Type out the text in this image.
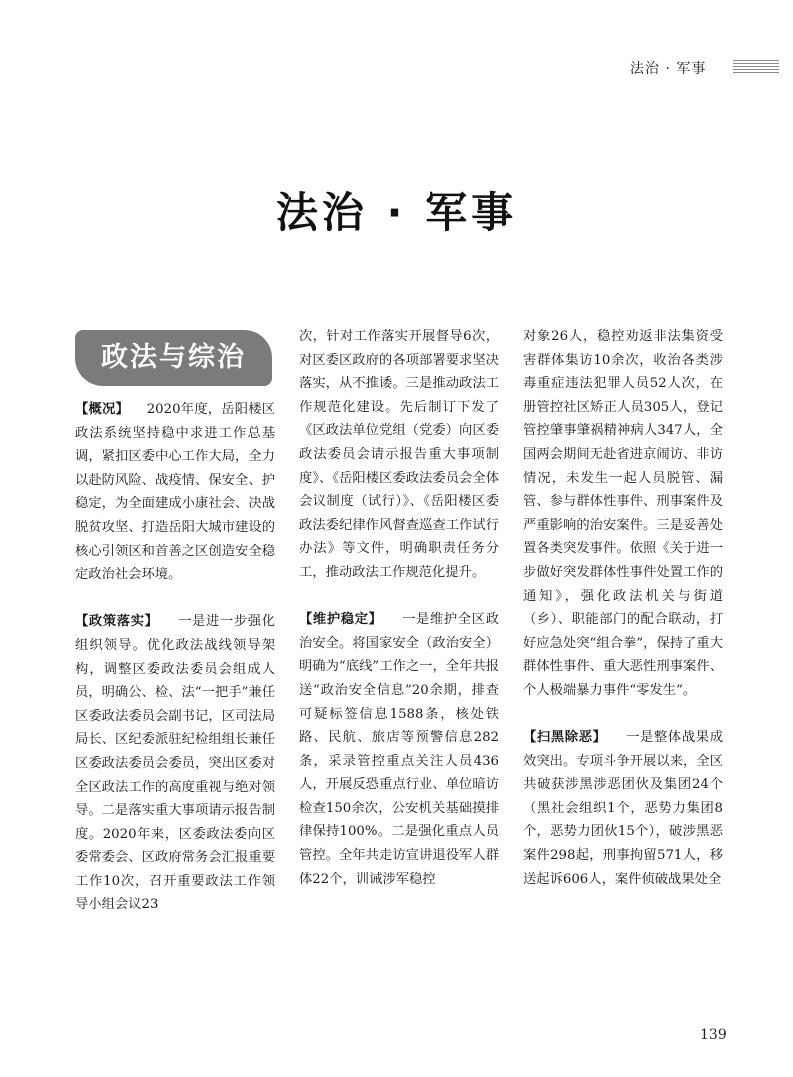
法治 · 军事
法治 · 军事
政法与综治

【概况】 2020年度，岳阳楼区政法系统坚持稳中求进工作总基调，紧扣区委中心工作大局，全力以赴防风险、战疫情、保安全、护稳定，为全面建成小康社会、决战脱贫攻坚、打造岳阳大城市建设的核心引领区和首善之区创造安全稳定政治社会环境。

【政策落实】 一是进一步强化组织领导。优化政法战线领导架构，调整区委政法委员会组成人员，明确公、检、法“一把手”兼任区委政法委员会副书记，区司法局局长、区纪委派驻纪检组组长兼任区委政法委员会委员，突出区委对全区政法工作的高度重视与绝对领导。二是落实重大事项请示报告制度。2020年来，区委政法委向区委常委会、区政府常务会汇报重要工作10次，召开重要政法工作领导小组会议23

次，针对工作落实开展督导6次，对区委区政府的各项部署要求坚决落实，从不推诿。三是推动政法工作规范化建设。先后制订下发了《区政法单位党组（党委）向区委政法委员会请示报告重大事项制度》、《岳阳楼区委政法委员会全体会议制度（试行）》、《岳阳楼区委政法委纪律作风督查巡查工作试行办法》等文件，明确职责任务分工，推动政法工作规范化提升。

【维护稳定】 一是维护全区政治安全。将国家安全（政治安全）明确为“底线”工作之一，全年共报送“政治安全信息”20余期，排查可疑标签信息1588条，核处铁路、民航、旅店等预警信息282条，采录管控重点关注人员436人，开展反恐重点行业、单位暗访检查150余次，公安机关基础摸排律保持100%。二是强化重点人员管控。全年共走访宣讲退役军人群体22个，训诫涉军稳控

对象26人，稳控劝返非法集资受害群体集访10余次，收治各类涉毒重症违法犯罪人员52人次，在册管控社区矫正人员305人，登记管控肇事肇祸精神病人347人，全国两会期间无赴省进京闹访、非访情况，未发生一起人员脱管、漏管、参与群体性事件、刑事案件及严重影响的治安案件。三是妥善处置各类突发事件。依照《关于进一步做好突发群体性事件处置工作的通知》，强化政法机关与街道（乡）、职能部门的配合联动，打好应急处突“组合拳”，保持了重大群体性事件、重大恶性刑事案件、个人极端暴力事件“零发生”。

【扫黑除恶】 一是整体战果成效突出。专项斗争开展以来，全区共破获涉黑涉恶团伙及集团24个（黑社会组织1个，恶势力集团8个，恶势力团伙15个），破涉黑恶案件298起，刑事拘留571人，移送起诉606人，案件侦破战果处全

139
